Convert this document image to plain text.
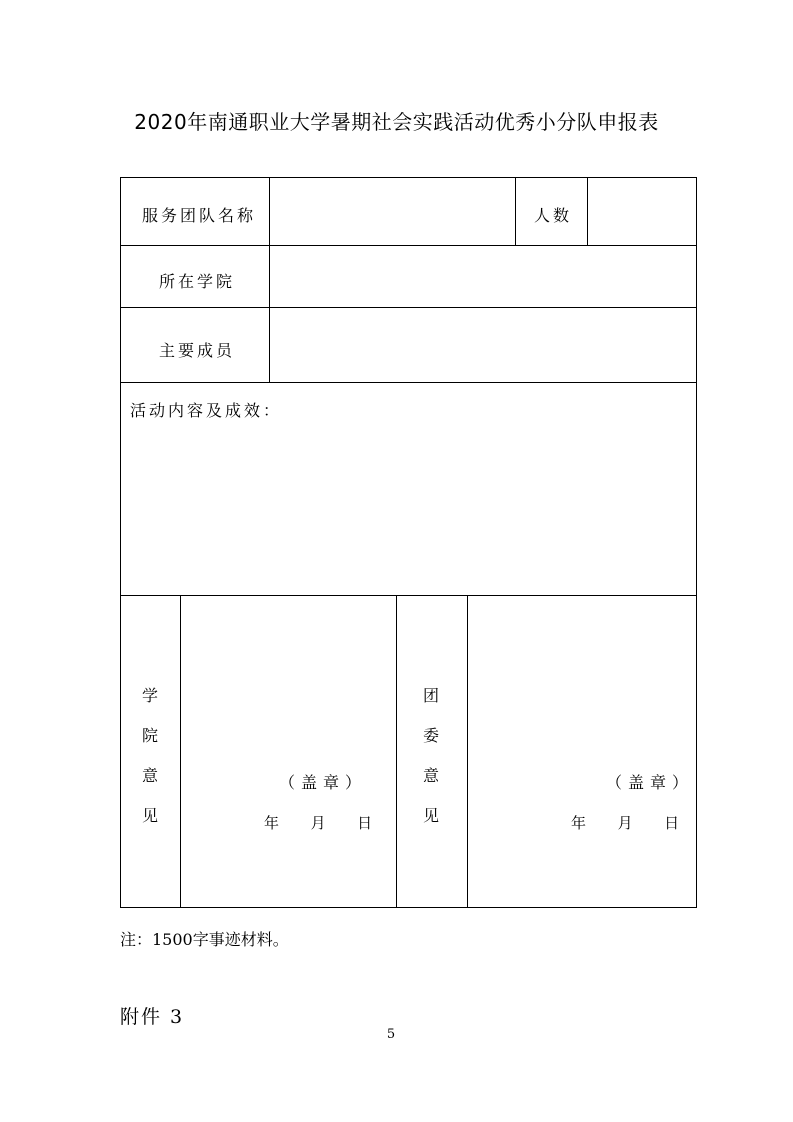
2020年南通职业大学暑期社会实践活动优秀小分队申报表
服务团队名称	人数
所在学院
主要成员
活动内容及成效：
学
院
意
见
（盖章）
年 月 日
团
委
意
见
（盖章）
年 月 日
注：1500字事迹材料。
附件 3
5
